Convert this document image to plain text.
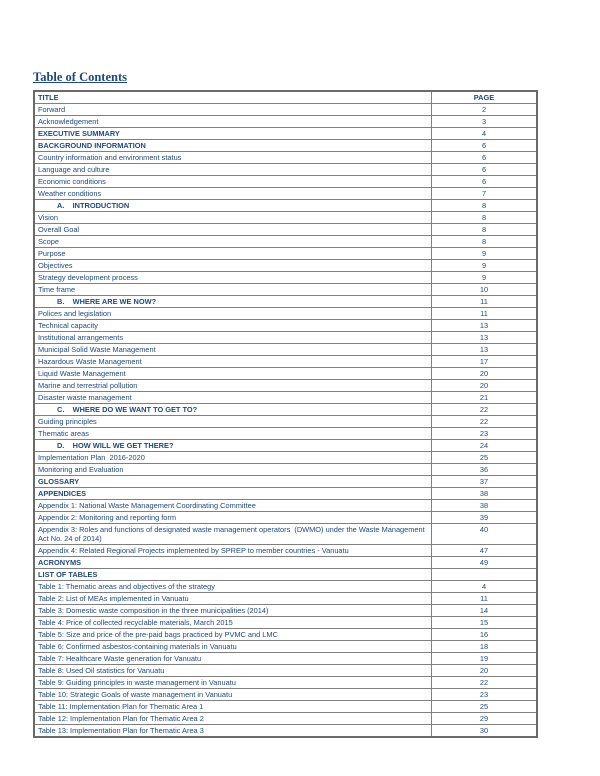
Table of Contents
TITLE	PAGE
Forward	2
Acknowledgement	3
EXECUTIVE SUMMARY	4
BACKGROUND INFORMATION	6
Country information and environment status	6
Language and culture	6
Economic conditions	6
Weather conditions	7
A.    INTRODUCTION	8
Vision	8
Overall Goal	8
Scope	8
Purpose	9
Objectives	9
Strategy development process	9
Time frame	10
B.    WHERE ARE WE NOW?	11
Polices and legislation	11
Technical capacity	13
Institutional arrangements	13
Municipal Solid Waste Management	13
Hazardous Waste Management	17
Liquid Waste Management	20
Marine and terrestrial pollution	20
Disaster waste management	21
C.    WHERE DO WE WANT TO GET TO?	22
Guiding principles	22
Thematic areas	23
D.    HOW WILL WE GET THERE?	24
Implementation Plan  2016-2020	25
Monitoring and Evaluation	36
GLOSSARY	37
APPENDICES	38
Appendix 1: National Waste Management Coordinating Committee	38
Appendix 2: Monitoring and reporting form	39
Appendix 3: Roles and functions of designated waste management operators  (DWMO) under the Waste Management Act No. 24 of 2014)	40
Appendix 4: Related Regional Projects implemented by SPREP to member countries - Vanuatu	47
ACRONYMS	49
LIST OF TABLES	
Table 1: Thematic areas and objectives of the strategy	4
Table 2: List of MEAs implemented in Vanuatu	11
Table 3: Domestic waste composition in the three municipalities (2014)	14
Table 4: Price of collected recyclable materials, March 2015	15
Table 5: Size and price of the pre-paid bags practiced by PVMC and LMC	16
Table 6: Confirmed asbestos-containing materials in Vanuatu	18
Table 7: Healthcare Waste generation for Vanuatu	19
Table 8: Used Oil statistics for Vanuatu	20
Table 9: Guiding principles in waste management in Vanuatu	22
Table 10: Strategic Goals of waste management in Vanuatu	23
Table 11: Implementation Plan for Thematic Area 1	25
Table 12: Implementation Plan for Thematic Area 2	29
Table 13: Implementation Plan for Thematic Area 3	30
